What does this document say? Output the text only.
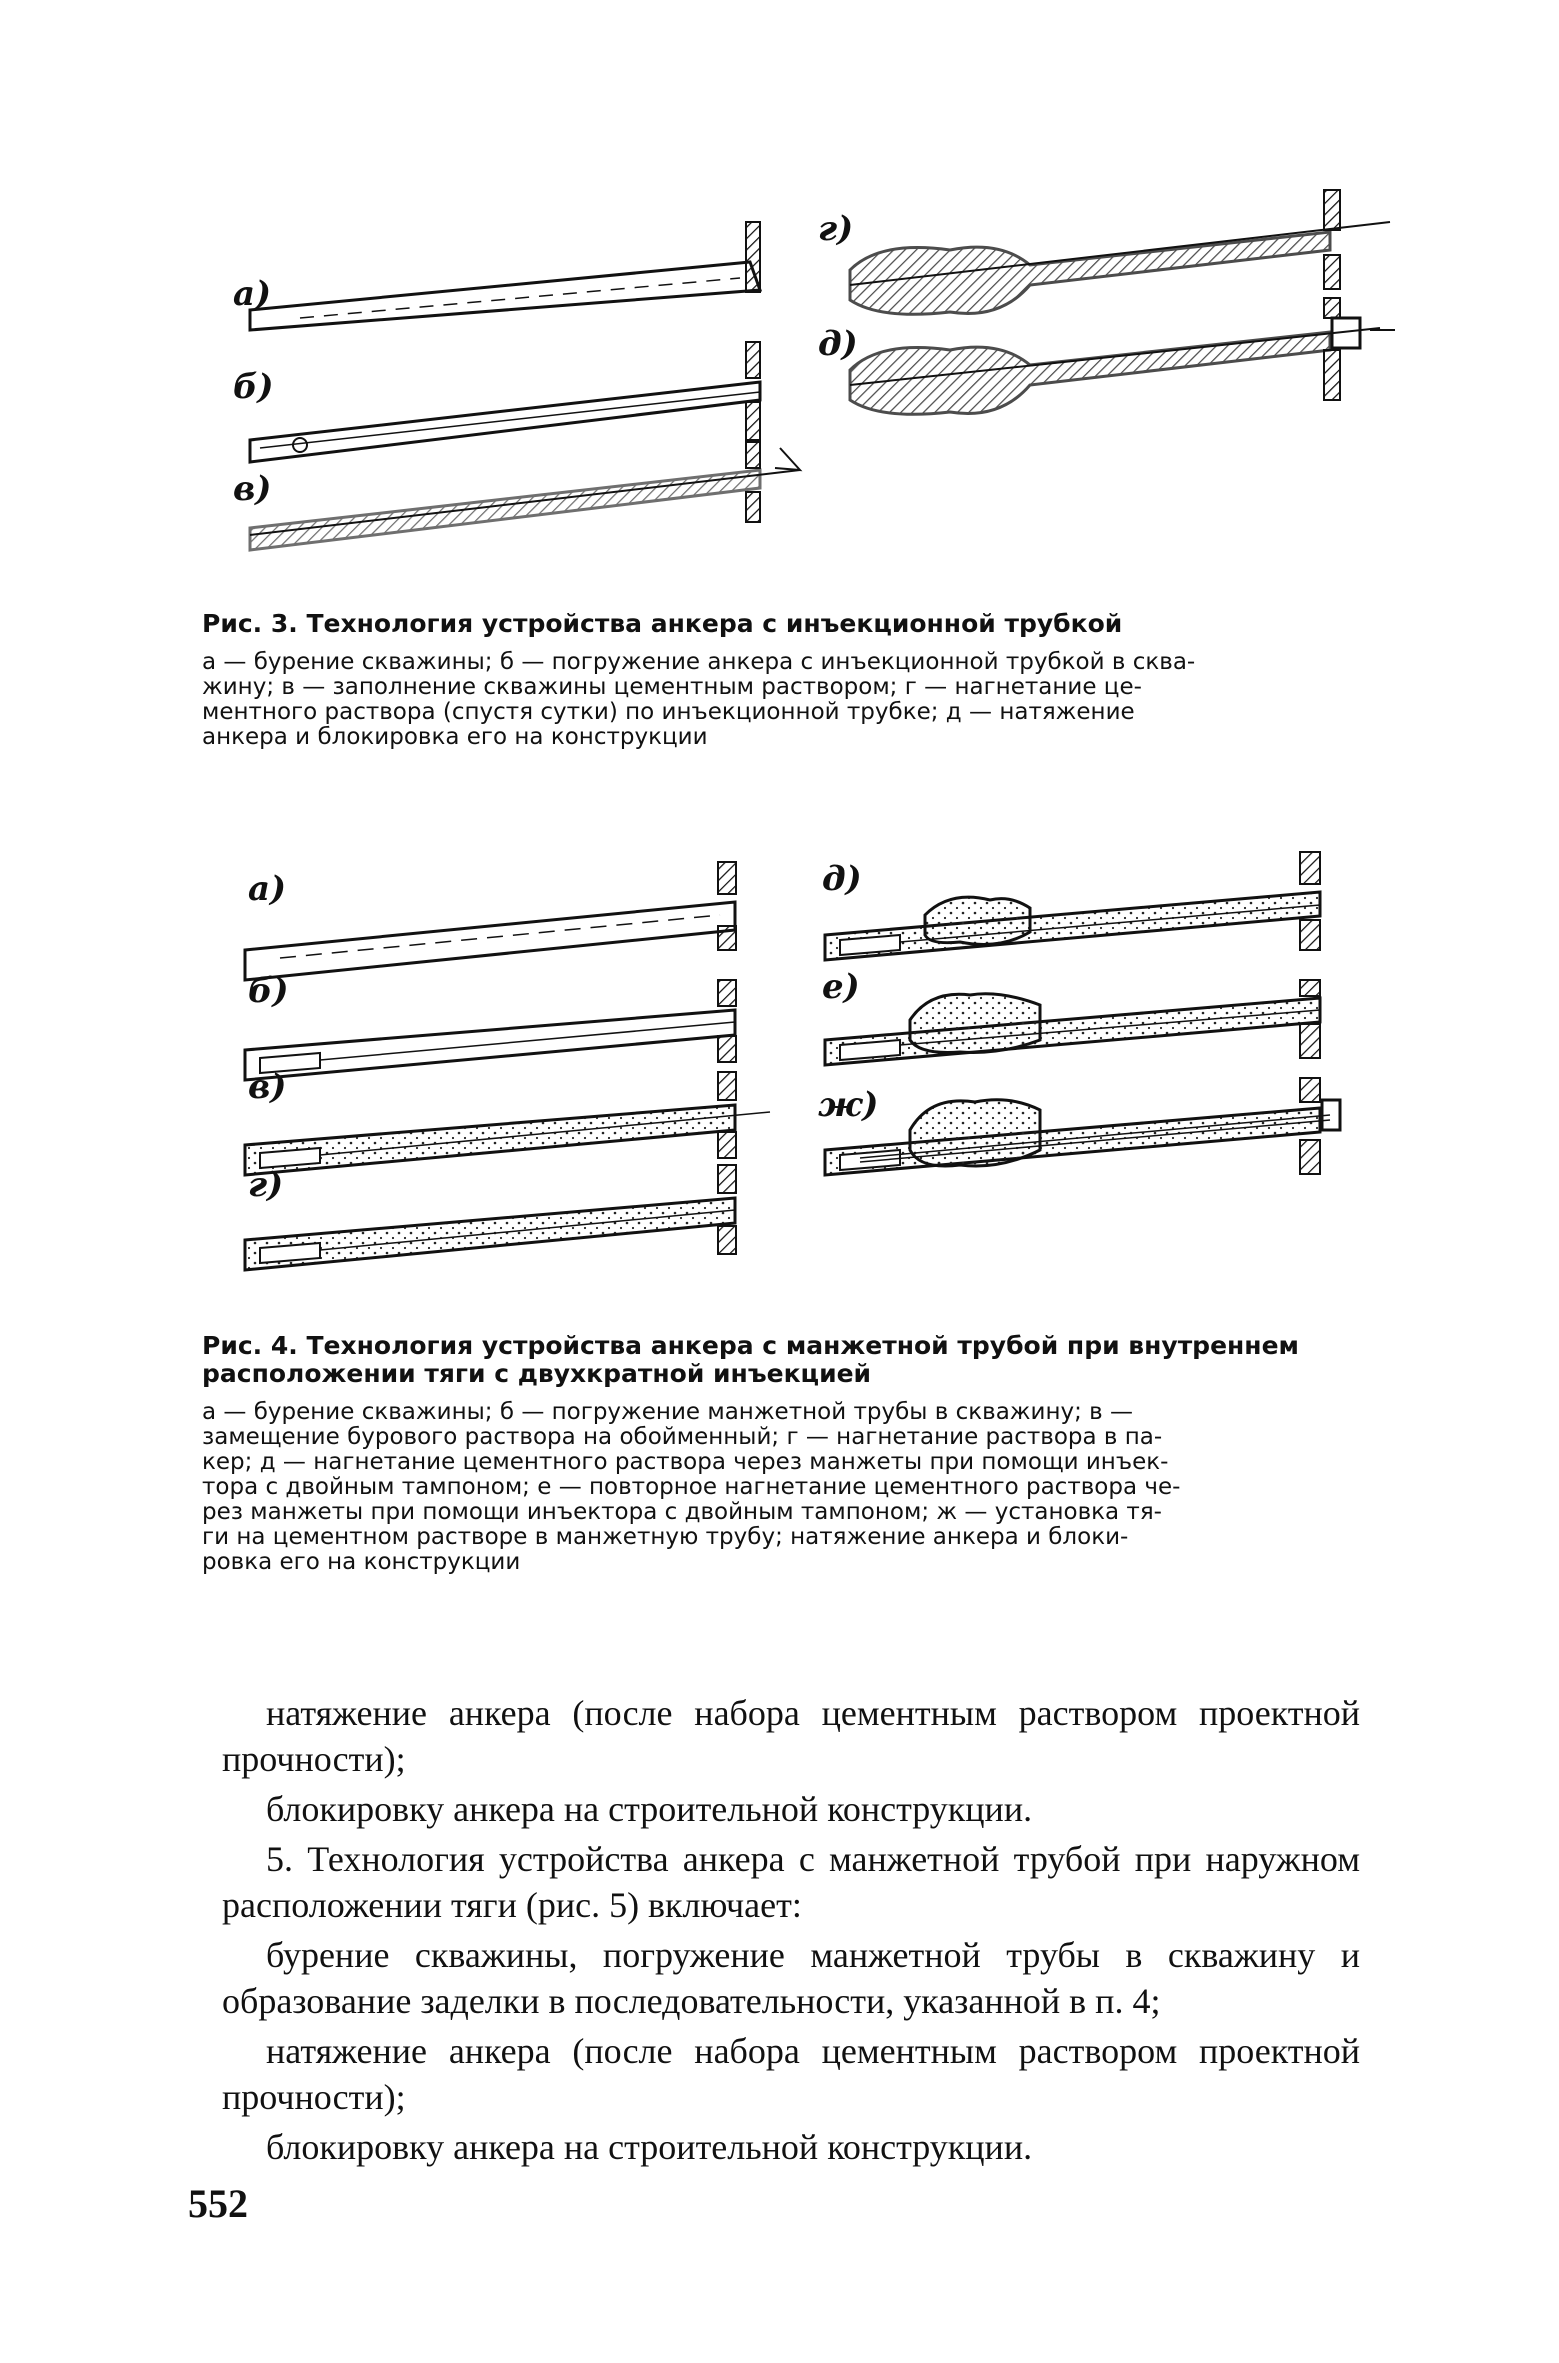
а)
б)
в)
г)
д)
Рис. 3. Технология устройства анкера с инъекционной трубкой
а — бурение скважины; б — погружение анкера с инъекционной трубкой в сква-
жину; в — заполнение скважины цементным раствором; г — нагнетание це-
ментного раствора (спустя сутки) по инъекционной трубке; д — натяжение
анкера и блокировка его на конструкции
а)
б)
в)
г)
д)
е)
ж)
Рис. 4. Технология устройства анкера с манжетной трубой при внутреннем
расположении тяги с двухкратной инъекцией
а — бурение скважины; б — погружение манжетной трубы в скважину; в —
замещение бурового раствора на обойменный; г — нагнетание раствора в па-
кер; д — нагнетание цементного раствора через манжеты при помощи инъек-
тора с двойным тампоном; е — повторное нагнетание цементного раствора че-
рез манжеты при помощи инъектора с двойным тампоном; ж — установка тя-
ги на цементном растворе в манжетную трубу; натяжение анкера и блоки-
ровка его на конструкции

натяжение анкера (после набора цементным раствором проектной прочности);

блокировку анкера на строительной конструкции.

5. Технология устройства анкера с манжетной трубой при наружном расположении тяги (рис. 5) включает:

бурение скважины, погружение манжетной трубы в скважину и образование заделки в последовательности, указанной в п. 4;

натяжение анкера (после набора цементным раствором проектной прочности);

блокировку анкера на строительной конструкции.

552
